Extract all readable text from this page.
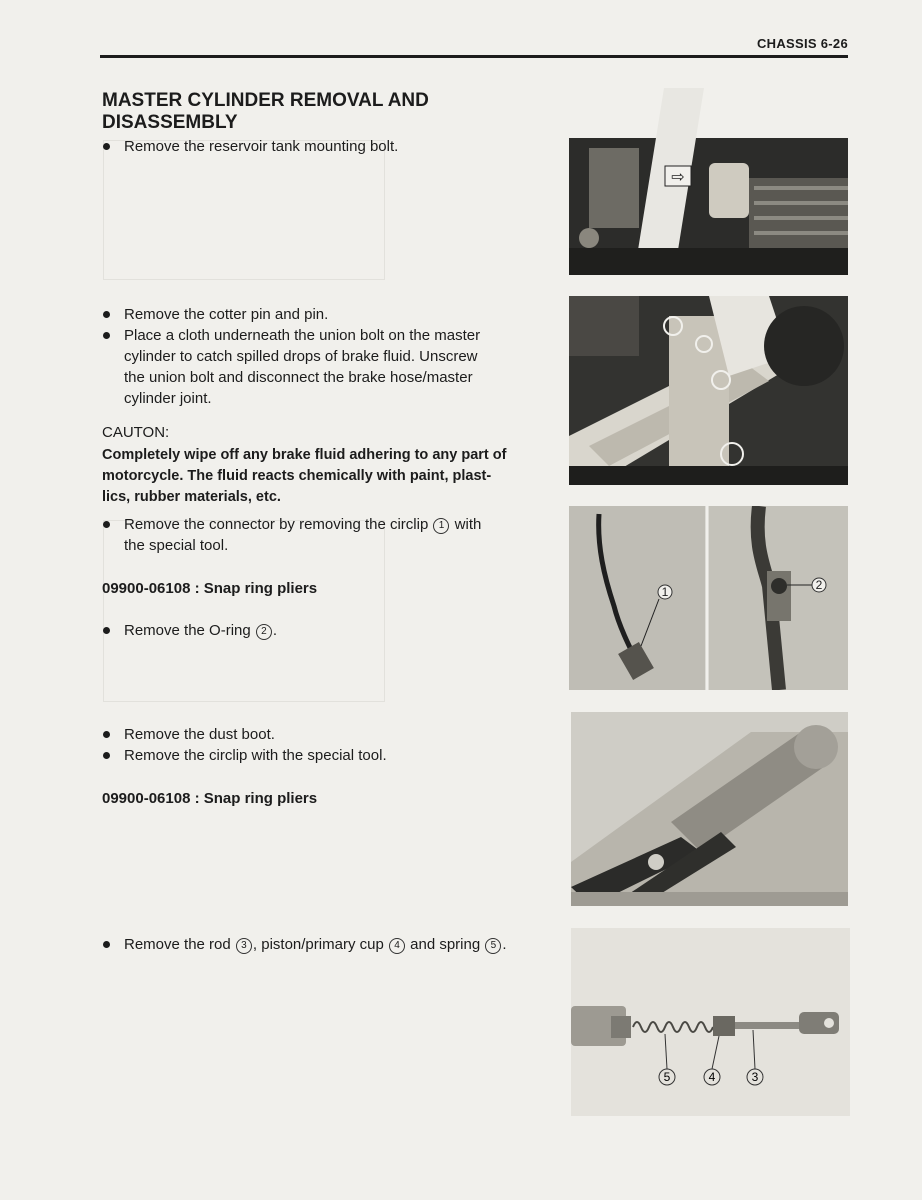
CHASSIS 6-26
MASTER CYLINDER REMOVAL AND
DISASSEMBLY
Remove the reservoir tank mounting bolt.
Remove the cotter pin and pin.
Place a cloth underneath the union bolt on the master
cylinder to catch spilled drops of brake fluid. Unscrew
the union bolt and disconnect the brake hose/master
cylinder joint.
CAUTON:
Completely wipe off any brake fluid adhering to any part of
motorcycle. The fluid reacts chemically with paint, plast-
lics, rubber materials, etc.
Remove the connector by removing the circlip 1 with
the special tool.
09900-06108 : Snap ring pliers
Remove the O-ring 2 .
Remove the dust boot.
Remove the circlip with the special tool.
09900-06108 : Snap ring pliers
Remove the rod 3 , piston/primary cup 4 and spring 5 .
⇨
1	2
5	4	3
